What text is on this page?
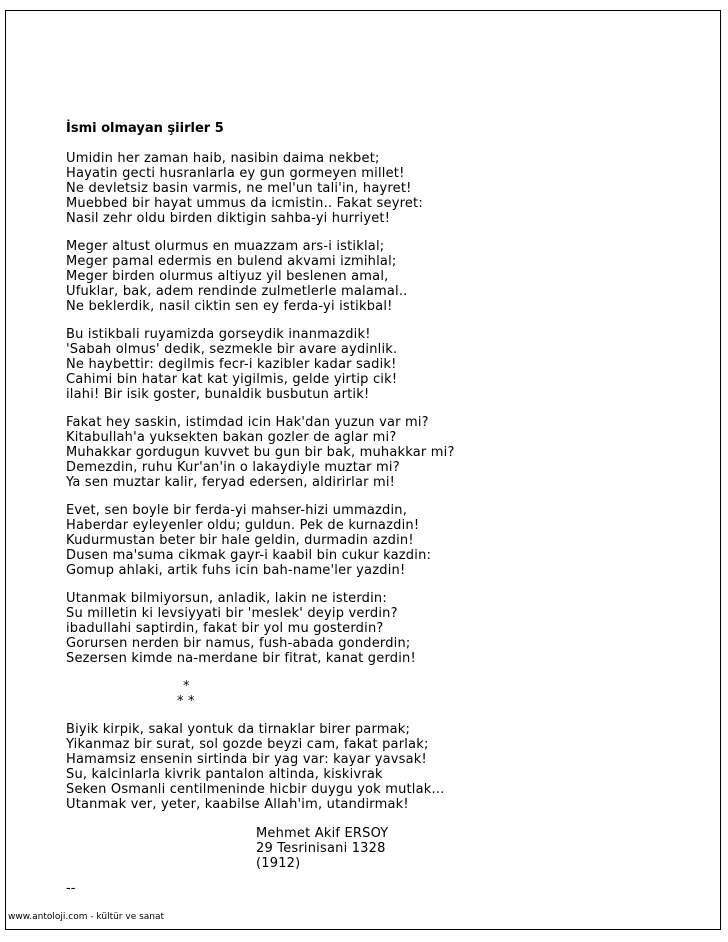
İsmi olmayan şiirler 5
Umidin her zaman haib, nasibin daima nekbet;
Hayatin gecti husranlarla ey gun gormeyen millet!
Ne devletsiz basin varmis, ne mel'un tali'in, hayret!
Muebbed bir hayat ummus da icmistin.. Fakat seyret:
Nasil zehr oldu birden diktigin sahba-yi hurriyet!
Meger altust olurmus en muazzam ars-i istiklal;
Meger pamal edermis en bulend akvami izmihlal;
Meger birden olurmus altiyuz yil beslenen amal,
Ufuklar, bak, adem rendinde zulmetlerle malamal..
Ne beklerdik, nasil ciktin sen ey ferda-yi istikbal!
Bu istikbali ruyamizda gorseydik inanmazdik!
'Sabah olmus' dedik, sezmekle bir avare aydinlik.
Ne haybettir: degilmis fecr-i kazibler kadar sadik!
Cahimi bin hatar kat kat yigilmis, gelde yirtip cik!
ilahi! Bir isik goster, bunaldik busbutun artik!
Fakat hey saskin, istimdad icin Hak'dan yuzun var mi?
Kitabullah'a yuksekten bakan gozler de aglar mi?
Muhakkar gordugun kuvvet bu gun bir bak, muhakkar mi?
Demezdin, ruhu Kur'an'in o lakaydiyle muztar mi?
Ya sen muztar kalir, feryad edersen, aldirirlar mi!
Evet, sen boyle bir ferda-yi mahser-hizi ummazdin,
Haberdar eyleyenler oldu; guldun. Pek de kurnazdin!
Kudurmustan beter bir hale geldin, durmadin azdin!
Dusen ma'suma cikmak gayr-i kaabil bin cukur kazdin:
Gomup ahlaki, artik fuhs icin bah-name'ler yazdin!
Utanmak bilmiyorsun, anladik, lakin ne isterdin:
Su milletin ki levsiyyati bir 'meslek' deyip verdin?
ibadullahi saptirdin, fakat bir yol mu gosterdin?
Gorursen nerden bir namus, fush-abada gonderdin;
Sezersen kimde na-merdane bir fitrat, kanat gerdin!
*
* *
Biyik kirpik, sakal yontuk da tirnaklar birer parmak;
Yikanmaz bir surat, sol gozde beyzi cam, fakat parlak;
Hamamsiz ensenin sirtinda bir yag var: kayar yavsak!
Su, kalcinlarla kivrik pantalon altinda, kiskivrak
Seken Osmanli centilmeninde hicbir duygu yok mutlak...
Utanmak ver, yeter, kaabilse Allah'im, utandirmak!
Mehmet Akif ERSOY
29 Tesrinisani 1328
(1912)
--
www.antoloji.com - kültür ve sanat
